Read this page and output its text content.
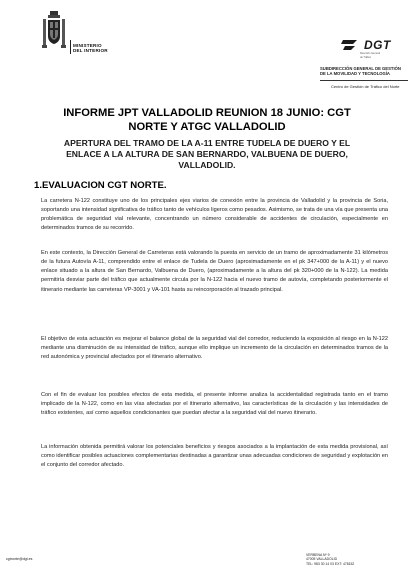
MINISTERIO
DEL INTERIOR	DGT
Dirección General
de Tráfico
SUBDIRECCIÓN GENERAL DE GESTIÓN
DE LA MOVILIDAD Y TECNOLOGÍA
Centro de Gestión de Tráfico del Norte
INFORME JPT VALLADOLID REUNION 18 JUNIO: CGT
NORTE Y ATGC VALLADOLID
APERTURA DEL TRAMO DE LA A-11 ENTRE TUDELA DE DUERO Y EL
ENLACE A LA ALTURA DE SAN BERNARDO, VALBUENA DE DUERO,
VALLADOLID.
1.EVALUACION CGT NORTE.

La carretera N-122 constituye uno de los principales ejes viarios de conexión entre la provincia de Valladolid y la provincia de Soria, soportando una intensidad significativa de tráfico tanto de vehículos ligeros como pesados. Asimismo, se trata de una vía que presenta una problemática de seguridad vial relevante, concentrando un número considerable de accidentes de circulación, especialmente en determinados tramos de su recorrido.

En este contexto, la Dirección General de Carreteras está valorando la puesta en servicio de un tramo de aproximadamente 31 kilómetros de la futura Autovía A-11, comprendido entre el enlace de Tudela de Duero (aproximadamente en el pk 347+000 de la A-11) y el nuevo enlace situado a la altura de San Bernardo, Valbuena de Duero, (aproximadamente a la altura del pk 320+000 de la N-122). La medida permitiría desviar parte del tráfico que actualmente circula por la N-122 hacia el nuevo tramo de autovía, completando posteriormente el itinerario mediante las carreteras VP-3001 y VA-101 hasta su reincorporación al trazado principal.

El objetivo de esta actuación es mejorar el balance global de la seguridad vial del corredor, reduciendo la exposición al riesgo en la N-122 mediante una disminución de su intensidad de tráfico, aunque ello implique un incremento de la circulación en determinados tramos de la red autonómica y provincial afectados por el itinerario alternativo.

Con el fin de evaluar los posibles efectos de esta medida, el presente informe analiza la accidentalidad registrada tanto en el tramo implicado de la N-122, como en las vías afectadas por el itinerario alternativo, las características de la circulación y las intensidades de tráfico existentes, así como aquellos condicionantes que puedan afectar a la seguridad vial del nuevo itinerario.

La información obtenida permitirá valorar los potenciales beneficios y riesgos asociados a la implantación de esta medida provisional, así como identificar posibles actuaciones complementarias destinadas a garantizar unas adecuadas condiciones de seguridad y explotación en el conjunto del corredor afectado.

cgtnorte@dgt.es
VERBENA Nº 9
47005 VALLADOLID
TEL: 983 30 14 03 EXT: 478152
